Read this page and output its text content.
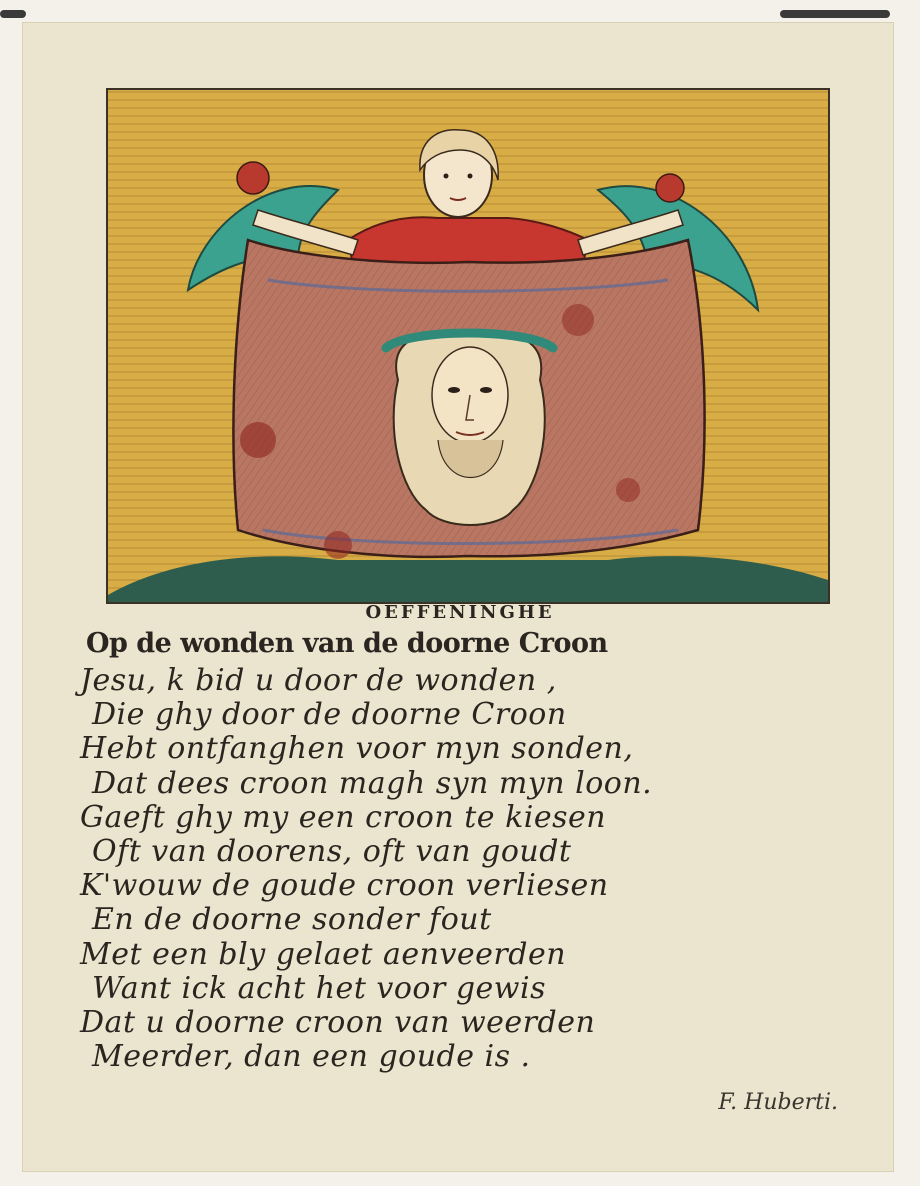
OEFFENINGHE
Op de wonden van de doorne Croon
Jesu, k bid u door de wonden ,
Die ghy door de doorne Croon
Hebt ontfanghen voor myn sonden,
Dat dees croon magh syn myn loon.
Gaeft ghy my een croon te kiesen
Oft van doorens, oft van goudt
K'wouw de goude croon verliesen
En de doorne sonder fout
Met een bly gelaet aenveerden
Want ick acht het voor gewis
Dat u doorne croon van weerden
Meerder, dan een goude is .
F. Huberti.
